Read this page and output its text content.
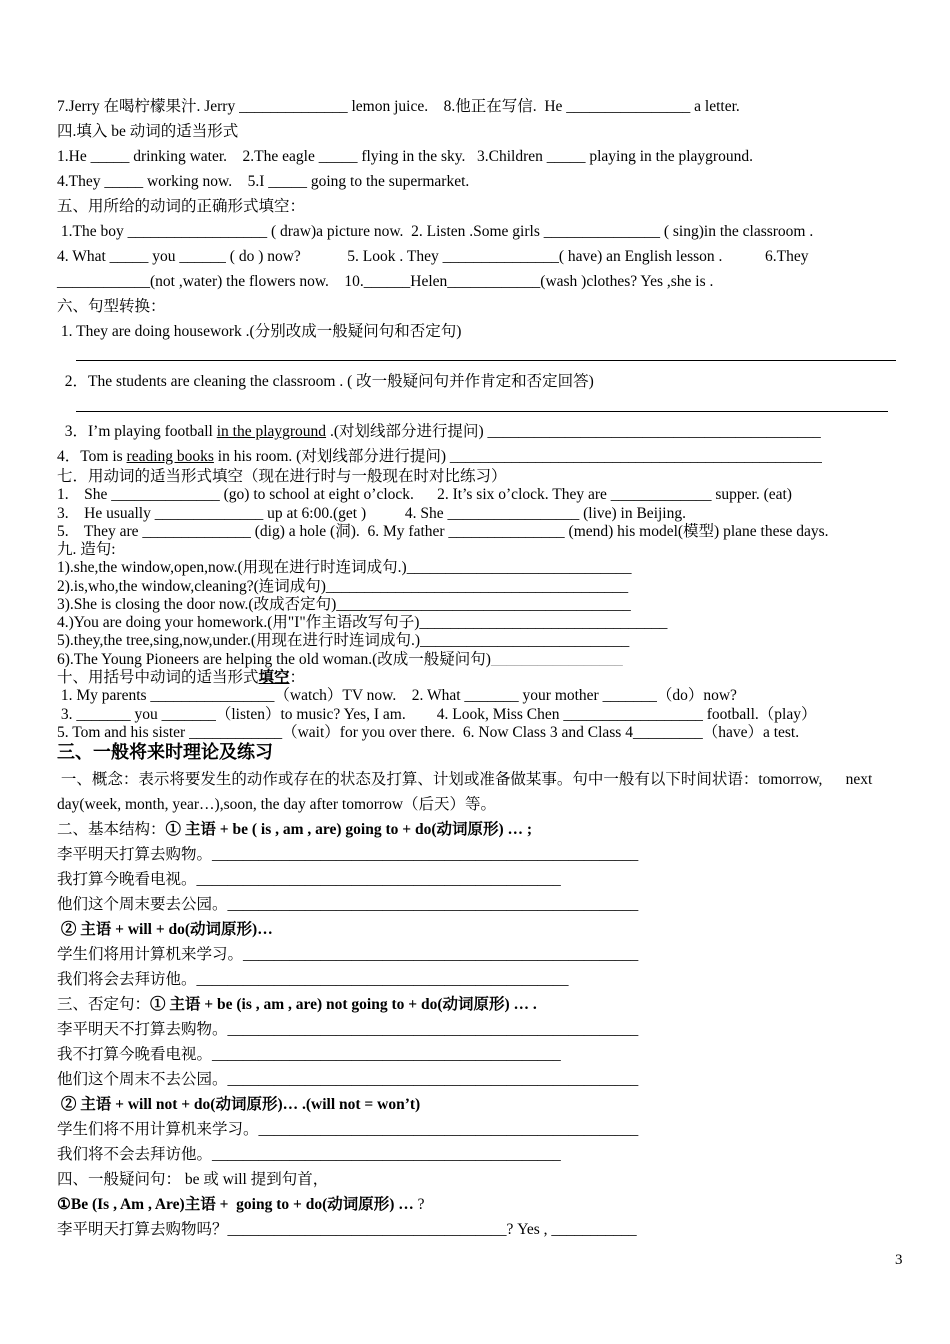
7.Jerry 在喝柠檬果汁. Jerry ______________ lemon juice.    8.他正在写信.  He ________________ a letter.
四.填入 be 动词的适当形式
1.He _____ drinking water.    2.The eagle _____ flying in the sky.   3.Children _____ playing in the playground.
4.They _____ working now.    5.I _____ going to the supermarket.
五、用所给的动词的正确形式填空：
1.The boy __________________ ( draw)a picture now.  2. Listen .Some girls _______________ ( sing)in the classroom .
4. What _____ you ______ ( do ) now?            5. Look . They _______________( have) an English lesson .           6.They
____________(not ,water) the flowers now.    10.______Helen____________(wash )clothes? Yes ,she is .
六、句型转换：
1. They are doing housework .(分别改成一般疑问句和否定句)
2．The students are cleaning the classroom . ( 改一般疑问句并作肯定和否定回答)
3．I’m playing football in the playground .(对划线部分进行提问) ___________________________________________
4．Tom is reading books in his room. (对划线部分进行提问) ________________________________________________
七．用动词的适当形式填空（现在进行时与一般现在时对比练习）
1.    She ______________ (go) to school at eight o’clock.      2. It’s six o’clock. They are _____________ supper. (eat)
3.    He usually ______________ up at 6:00.(get )          4. She _________________ (live) in Beijing.
5.    They are ______________ (dig) a hole (洞).  6. My father _______________ (mend) his model(模型) plane these days.
九. 造句:
1).she,the window,open,now.(用现在进行时连词成句.)_____________________________
2).is,who,the window,cleaning?(连词成句)_______________________________________
3).She is closing the door now.(改成否定句)______________________________________
4.)You are doing your homework.(用"I"作主语改写句子)________________________________
5).they,the tree,sing,now,under.(用现在进行时连词成句.)___________________________
6).The Young Pioneers are helping the old woman.(改成一般疑问句)_________________
十、用括号中动词的适当形式填空：
1. My parents ________________（watch）TV now.    2. What _______ your mother _______（do）now?
3. _______ you _______（listen）to music? Yes, I am.        4. Look, Miss Chen __________________ football.（play）
5. Tom and his sister ____________（wait）for you over there.  6. Now Class 3 and Class 4_________（have）a test.
三、一般将来时理论及练习
一、概念：表示将要发生的动作或存在的状态及打算、计划或准备做某事。句中一般有以下时间状语：tomorrow,      next
day(week, month, year…),soon, the day after tomorrow（后天）等。
二、基本结构：① 主语 + be ( is , am , are) going to + do(动词原形) … ;
李平明天打算去购物。_______________________________________________________
我打算今晚看电视。_______________________________________________
他们这个周末要去公园。_____________________________________________________
② 主语 + will + do(动词原形)…
学生们将用计算机来学习。___________________________________________________
我们将会去拜访他。________________________________________________
三、否定句：① 主语 + be (is , am , are) not going to + do(动词原形) … .
李平明天不打算去购物。_____________________________________________________
我不打算今晚看电视。_____________________________________________
他们这个周末不去公园。_____________________________________________________
② 主语 + will not + do(动词原形)… .(will not = won’t)
学生们将不用计算机来学习。_________________________________________________
我们将不会去拜访他。_____________________________________________
四、一般疑问句： be 或 will 提到句首，
①Be (Is , Am , Are)主语 +  going to + do(动词原形) … ?
李平明天打算去购物吗？____________________________________? Yes , ___________
3
